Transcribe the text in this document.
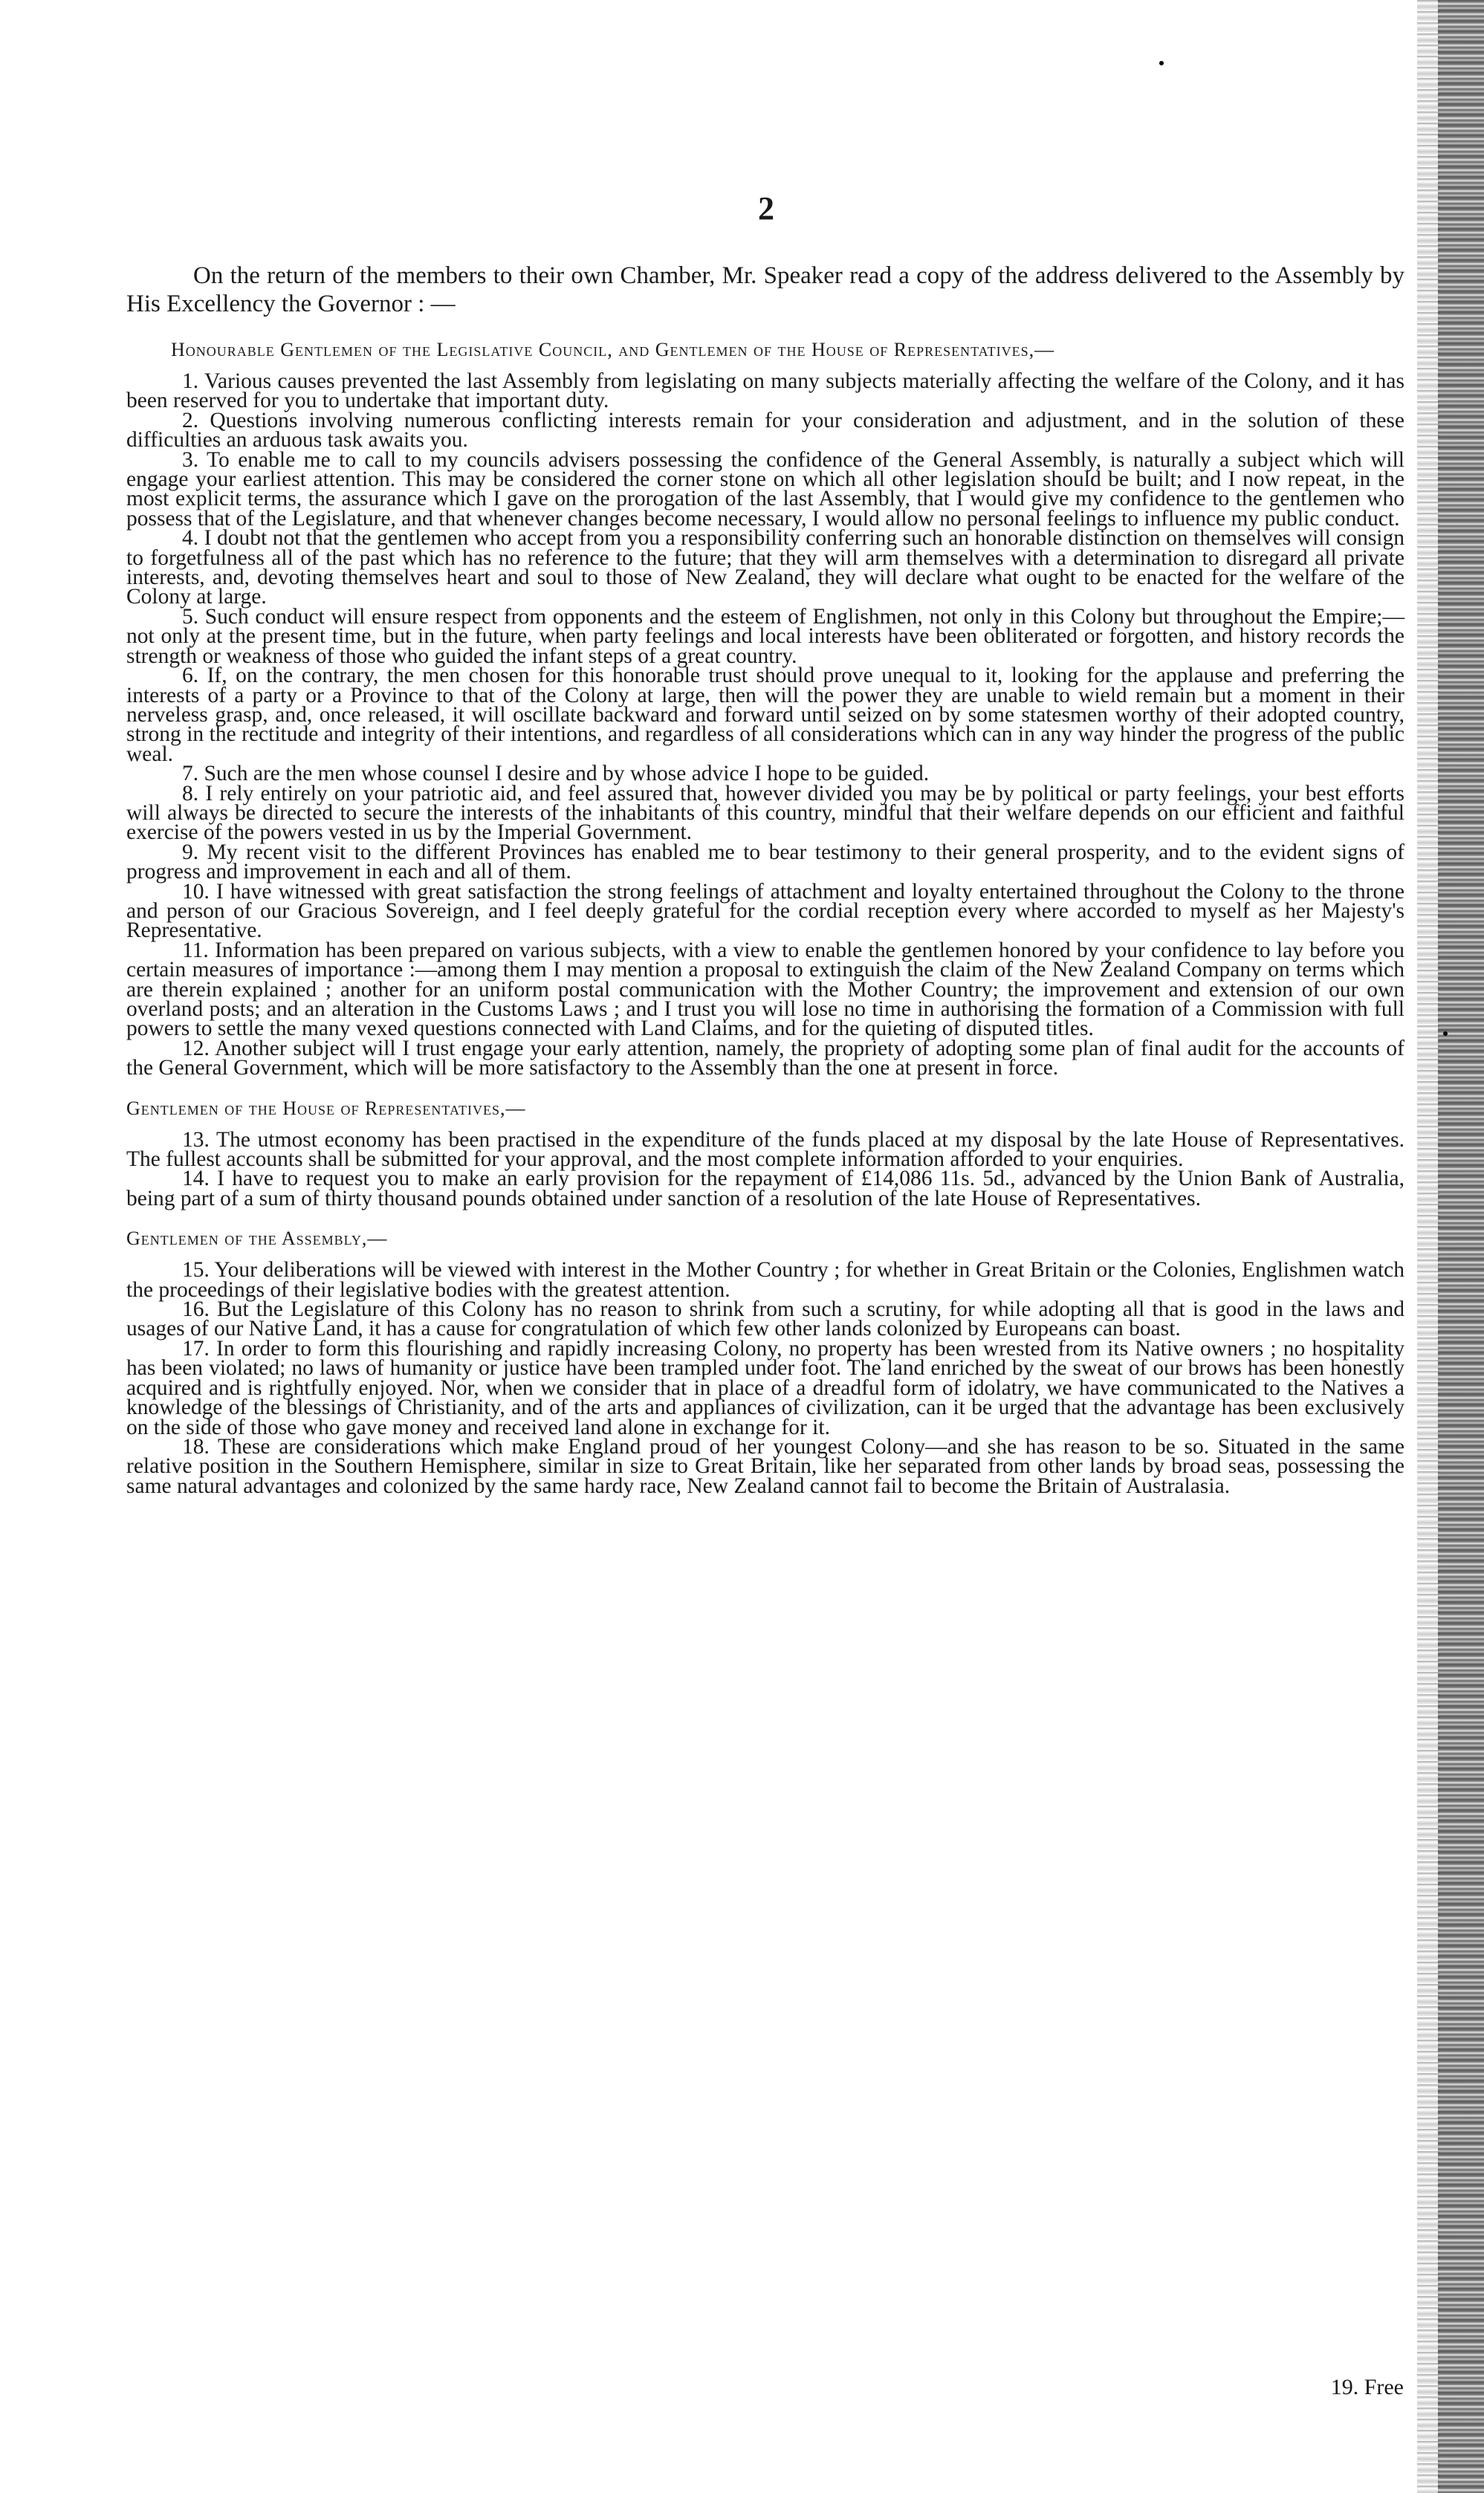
2

On the return of the members to their own Chamber, Mr. Speaker read a copy of the address delivered to the Assembly by His Excellency the Governor : —

Honourable Gentlemen of the Legislative Council, and Gentlemen of the House of Representatives,—

1. Various causes prevented the last Assembly from legislating on many subjects materially affecting the welfare of the Colony, and it has been reserved for you to undertake that important duty.

2. Questions involving numerous conflicting interests remain for your consideration and adjustment, and in the solution of these difficulties an arduous task awaits you.

3. To enable me to call to my councils advisers possessing the confidence of the General Assembly, is naturally a subject which will engage your earliest attention. This may be considered the corner stone on which all other legislation should be built; and I now repeat, in the most explicit terms, the assurance which I gave on the prorogation of the last Assembly, that I would give my confidence to the gentlemen who possess that of the Legislature, and that whenever changes become necessary, I would allow no personal feelings to influence my public conduct.

4. I doubt not that the gentlemen who accept from you a responsibility conferring such an honorable distinction on themselves will consign to forgetfulness all of the past which has no reference to the future; that they will arm themselves with a determination to disregard all private interests, and, devoting themselves heart and soul to those of New Zealand, they will declare what ought to be enacted for the welfare of the Colony at large.

5. Such conduct will ensure respect from opponents and the esteem of Englishmen, not only in this Colony but throughout the Empire;—not only at the present time, but in the future, when party feelings and local interests have been obliterated or forgotten, and history records the strength or weakness of those who guided the infant steps of a great country.

6. If, on the contrary, the men chosen for this honorable trust should prove unequal to it, looking for the applause and preferring the interests of a party or a Province to that of the Colony at large, then will the power they are unable to wield remain but a moment in their nerveless grasp, and, once released, it will oscillate backward and forward until seized on by some statesmen worthy of their adopted country, strong in the rectitude and integrity of their intentions, and regardless of all considerations which can in any way hinder the progress of the public weal.

7. Such are the men whose counsel I desire and by whose advice I hope to be guided.

8. I rely entirely on your patriotic aid, and feel assured that, however divided you may be by political or party feelings, your best efforts will always be directed to secure the interests of the inhabitants of this country, mindful that their welfare depends on our efficient and faithful exercise of the powers vested in us by the Imperial Government.

9. My recent visit to the different Provinces has enabled me to bear testimony to their general prosperity, and to the evident signs of progress and improvement in each and all of them.

10. I have witnessed with great satisfaction the strong feelings of attachment and loyalty entertained throughout the Colony to the throne and person of our Gracious Sovereign, and I feel deeply grateful for the cordial reception every where accorded to myself as her Majesty's Representative.

11. Information has been prepared on various subjects, with a view to enable the gentlemen honored by your confidence to lay before you certain measures of importance :—among them I may mention a proposal to extinguish the claim of the New Zealand Company on terms which are therein explained ; another for an uniform postal communication with the Mother Country; the improvement and extension of our own overland posts; and an alteration in the Customs Laws ; and I trust you will lose no time in authorising the formation of a Commission with full powers to settle the many vexed questions connected with Land Claims, and for the quieting of disputed titles.

12. Another subject will I trust engage your early attention, namely, the propriety of adopting some plan of final audit for the accounts of the General Government, which will be more satisfactory to the Assembly than the one at present in force.

Gentlemen of the House of Representatives,—

13. The utmost economy has been practised in the expenditure of the funds placed at my disposal by the late House of Representatives. The fullest accounts shall be submitted for your approval, and the most complete information afforded to your enquiries.

14. I have to request you to make an early provision for the repayment of £14,086 11s. 5d., advanced by the Union Bank of Australia, being part of a sum of thirty thousand pounds obtained under sanction of a resolution of the late House of Representatives.

Gentlemen of the Assembly,—

15. Your deliberations will be viewed with interest in the Mother Country ; for whether in Great Britain or the Colonies, Englishmen watch the proceedings of their legislative bodies with the greatest attention.

16. But the Legislature of this Colony has no reason to shrink from such a scrutiny, for while adopting all that is good in the laws and usages of our Native Land, it has a cause for congratulation of which few other lands colonized by Europeans can boast.

17. In order to form this flourishing and rapidly increasing Colony, no property has been wrested from its Native owners ; no hospitality has been violated; no laws of humanity or justice have been trampled under foot. The land enriched by the sweat of our brows has been honestly acquired and is rightfully enjoyed. Nor, when we consider that in place of a dreadful form of idolatry, we have communicated to the Natives a knowledge of the blessings of Christianity, and of the arts and appliances of civilization, can it be urged that the advantage has been exclusively on the side of those who gave money and received land alone in exchange for it.

18. These are considerations which make England proud of her youngest Colony—and she has reason to be so. Situated in the same relative position in the Southern Hemisphere, similar in size to Great Britain, like her separated from other lands by broad seas, possessing the same natural advantages and colonized by the same hardy race, New Zealand cannot fail to become the Britain of Australasia.

19. Free
